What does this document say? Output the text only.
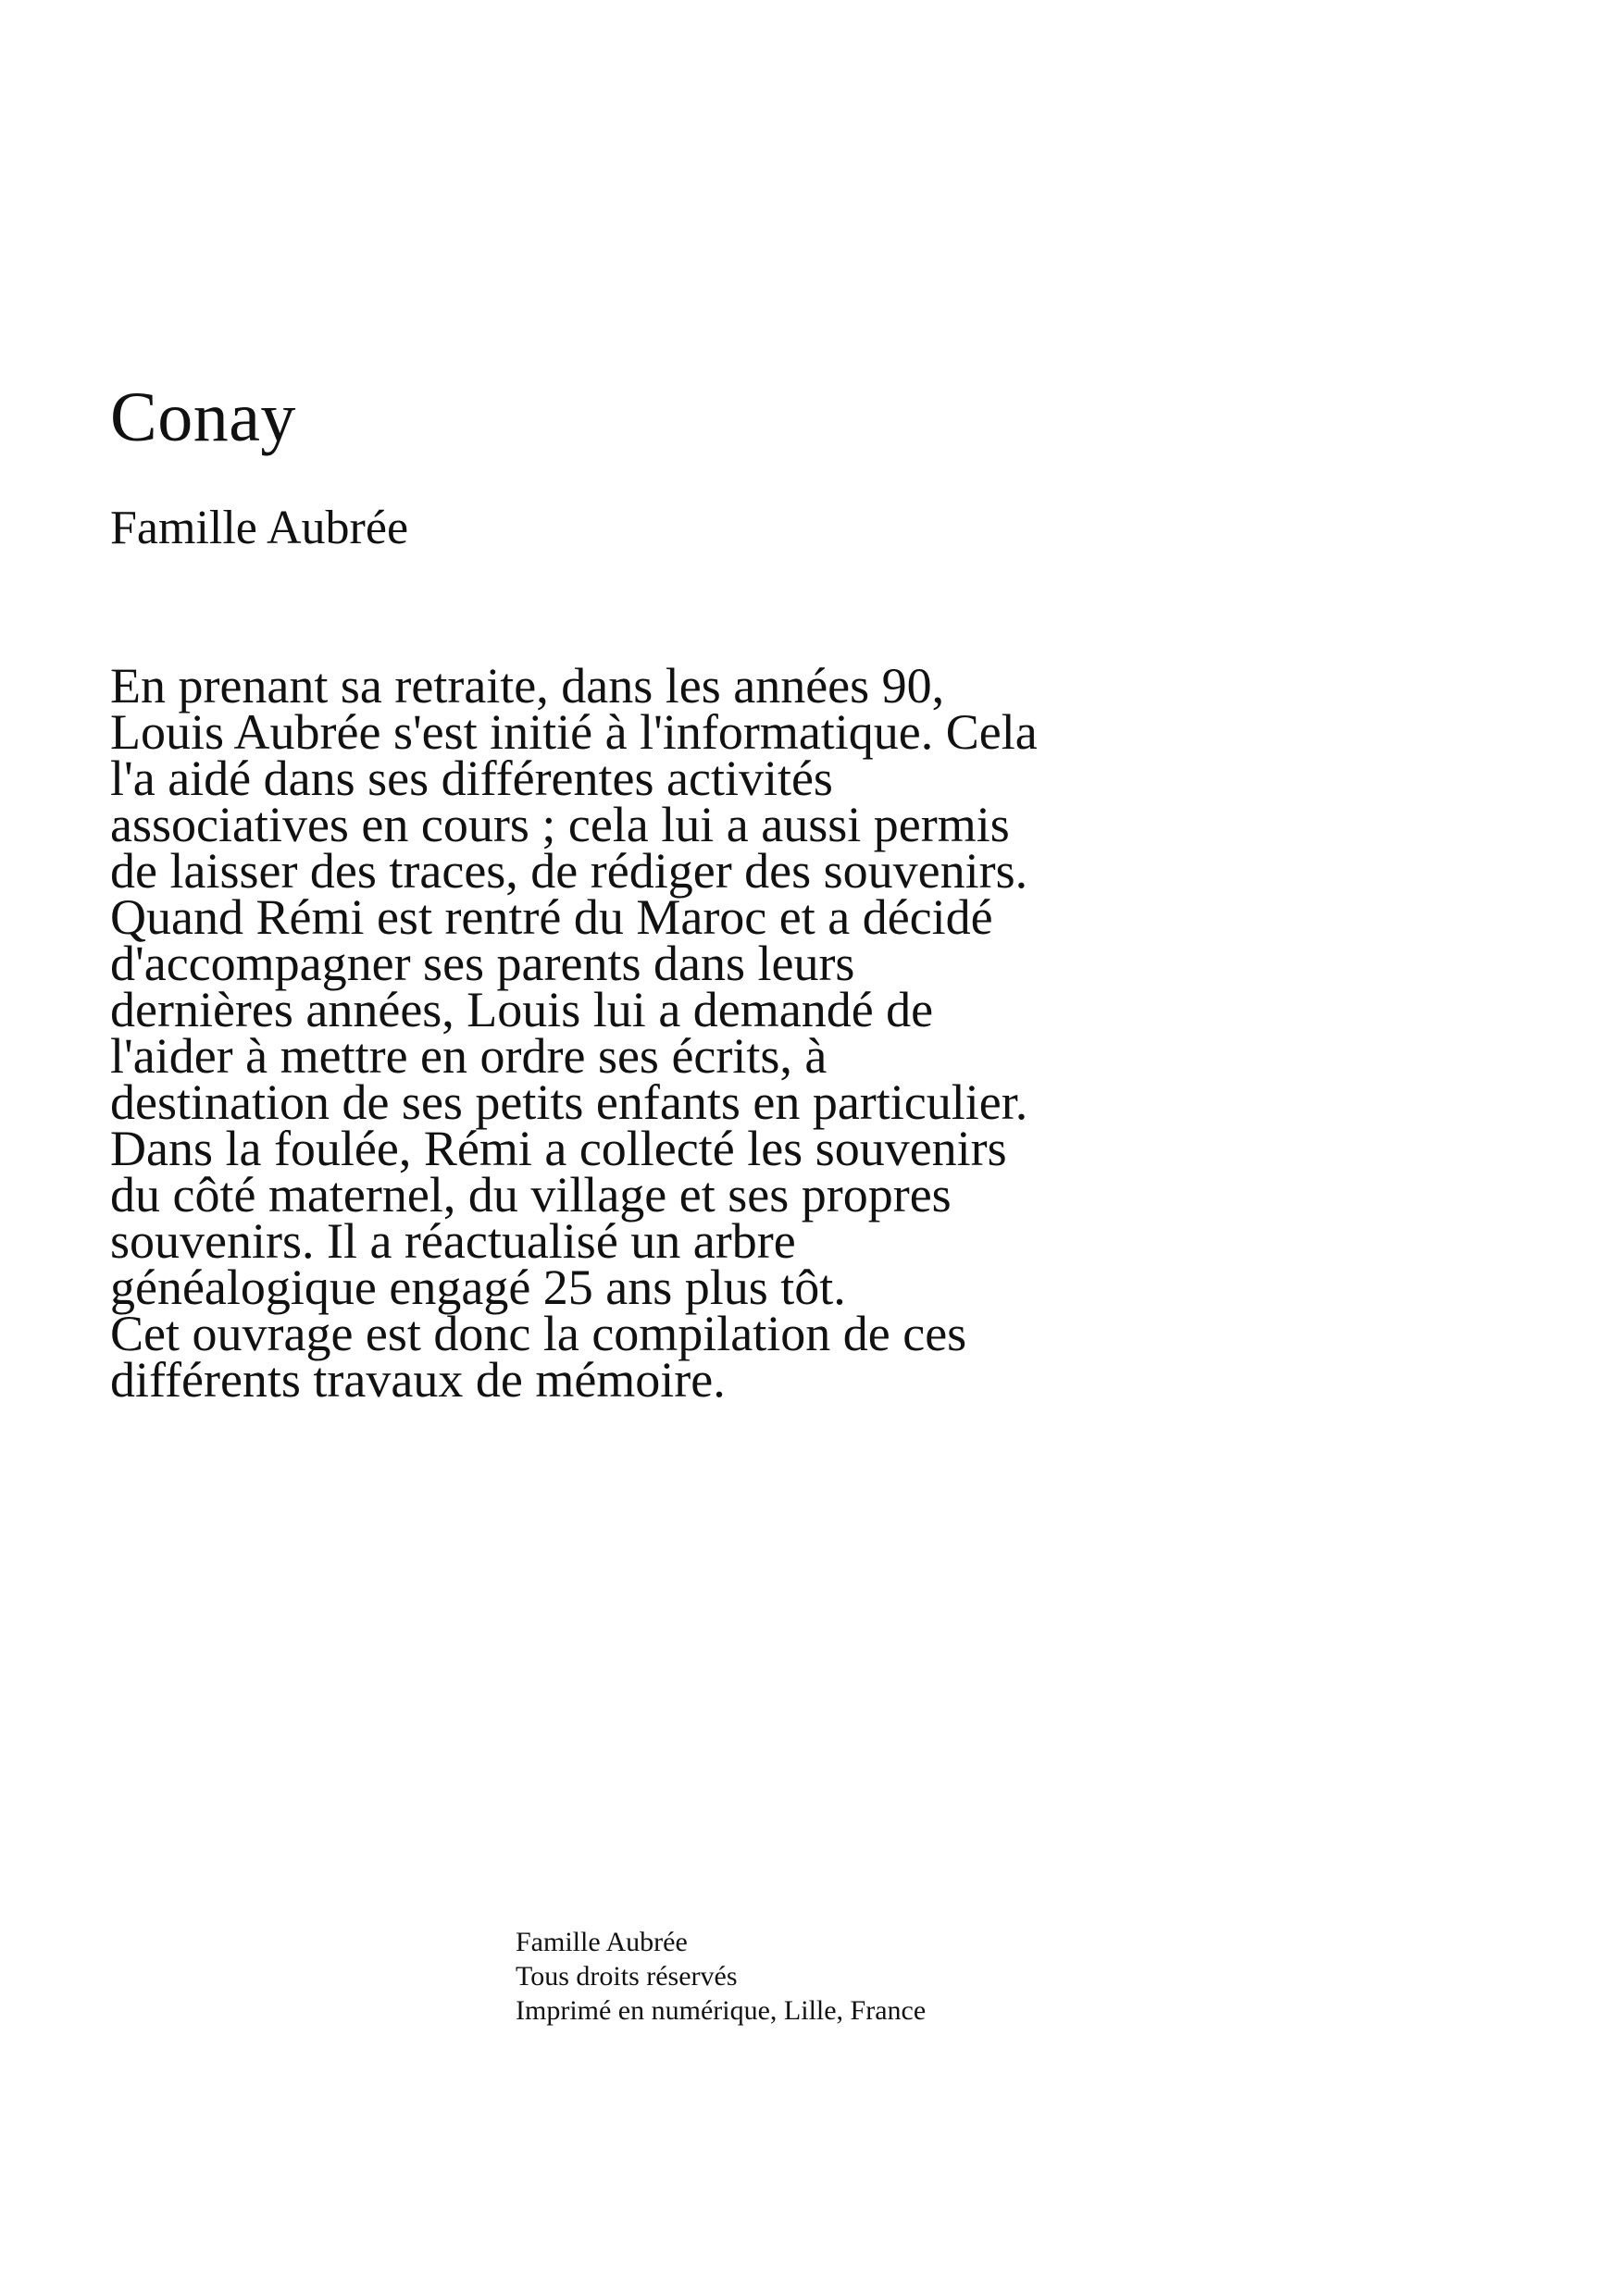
Conay
Famille Aubrée
En prenant sa retraite, dans les années 90,
Louis Aubrée s'est initié à l'informatique. Cela
l'a aidé dans ses différentes activités
associatives en cours ; cela lui a aussi permis
de laisser des traces, de rédiger des souvenirs.
Quand Rémi est rentré du Maroc et a décidé
d'accompagner ses parents dans leurs
dernières années, Louis lui a demandé de
l'aider à mettre en ordre ses écrits, à
destination de ses petits enfants en particulier.
Dans la foulée, Rémi a collecté les souvenirs
du côté maternel, du village et ses propres
souvenirs. Il a réactualisé un arbre
généalogique engagé 25 ans plus tôt.
Cet ouvrage est donc la compilation de ces
différents travaux de mémoire.
Famille Aubrée
Tous droits réservés
Imprimé en numérique, Lille, France
